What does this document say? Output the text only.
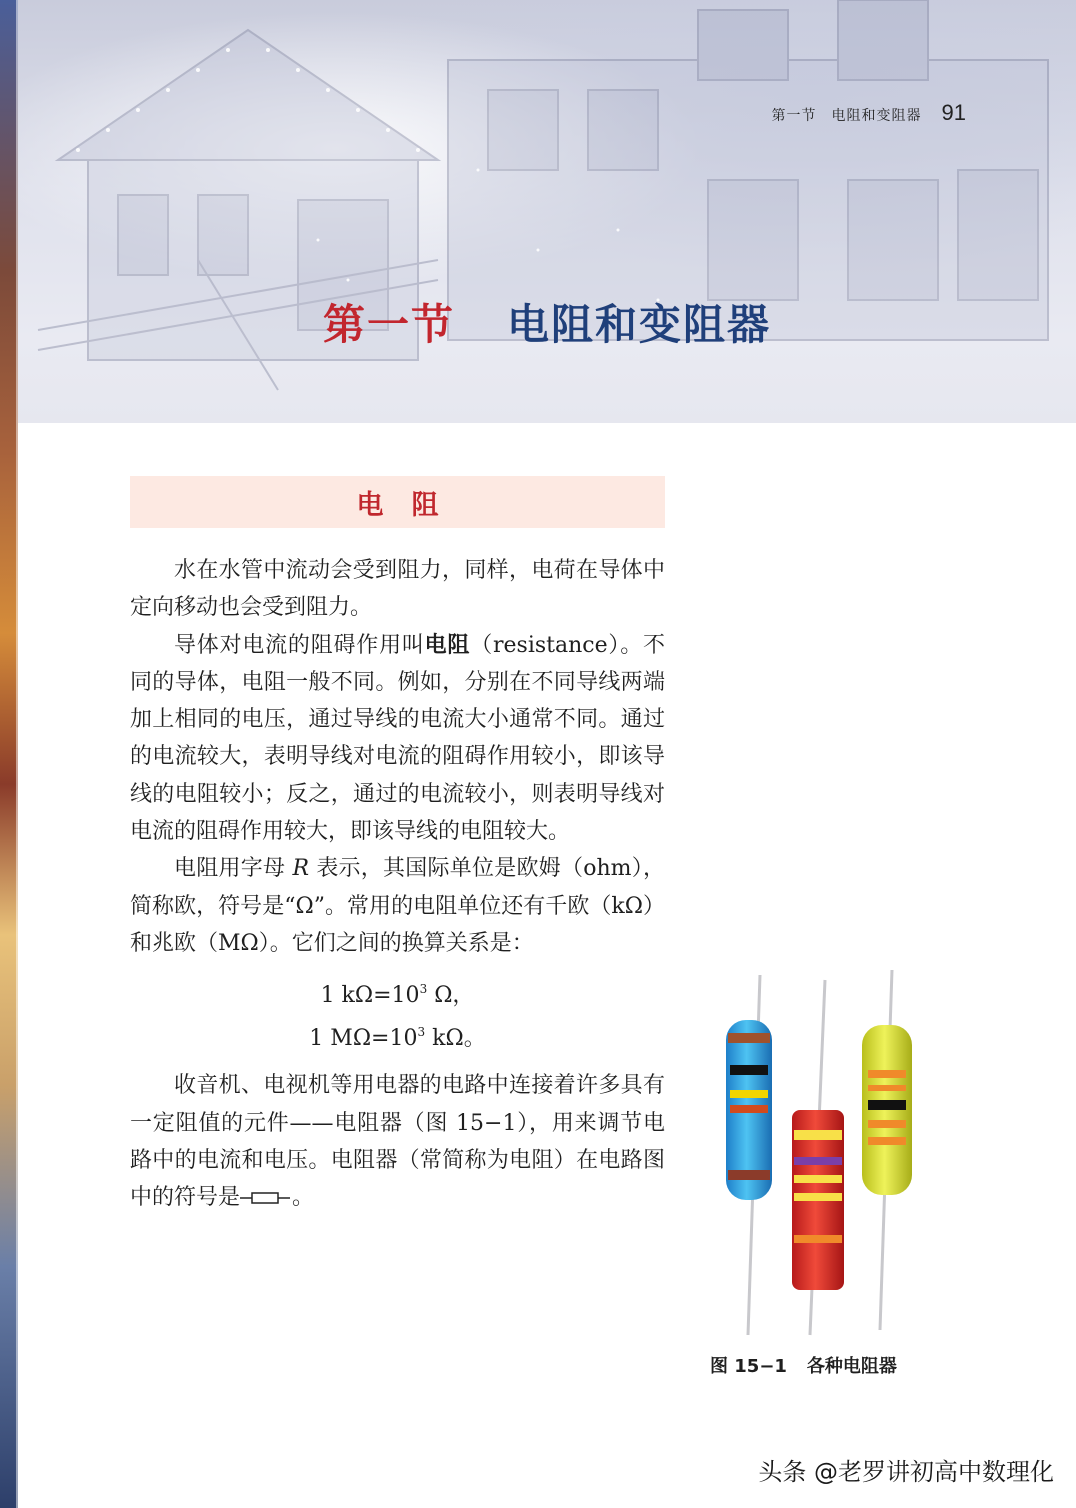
第一节　电阻和变阻器 91
第一节 电阻和变阻器
电阻

水在水管中流动会受到阻力，同样，电荷在导体中定向移动也会受到阻力。

导体对电流的阻碍作用叫电阻（resistance）。不同的导体，电阻一般不同。例如，分别在不同导线两端加上相同的电压，通过导线的电流大小通常不同。通过的电流较大，表明导线对电流的阻碍作用较小，即该导线的电阻较小；反之，通过的电流较小，则表明导线对电流的阻碍作用较大，即该导线的电阻较大。

电阻用字母 R 表示，其国际单位是欧姆（ohm），简称欧，符号是“Ω”。常用的电阻单位还有千欧（kΩ）和兆欧（MΩ）。它们之间的换算关系是：

1 $k\Omega=10^3$ Ω，
1 $M\Omega=10^3$ kΩ。

收音机、电视机等用电器的电路中连接着许多具有一定阻值的元件——电阻器（图 15−1），用来调节电路中的电流和电压。电阻器（常简称为电阻）在电路图中的符号是 。

图 15−1 各种电阻器
头条 @老罗讲初高中数理化
